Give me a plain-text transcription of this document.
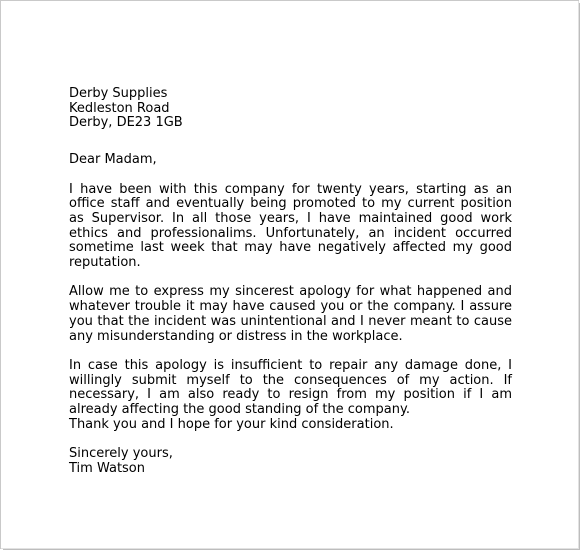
Derby Supplies
Kedleston Road
Derby, DE23 1GB
Dear Madam,

I have been with this company for twenty years, starting as an office staff and eventually being promoted to my current position as Supervisor. In all those years, I have maintained good work ethics and professionalims. Unfortunately, an incident occurred sometime last week that may have negatively affected my good reputation.

Allow me to express my sincerest apology for what happened and whatever trouble it may have caused you or the company. I assure you that the incident was unintentional and I never meant to cause any misunderstanding or distress in the workplace.

In case this apology is insufficient to repair any damage done, I willingly submit myself to the consequences of my action. If necessary, I am also ready to resign from my position if I am already affecting the good standing of the company.

Thank you and I hope for your kind consideration.
Sincerely yours,
Tim Watson
